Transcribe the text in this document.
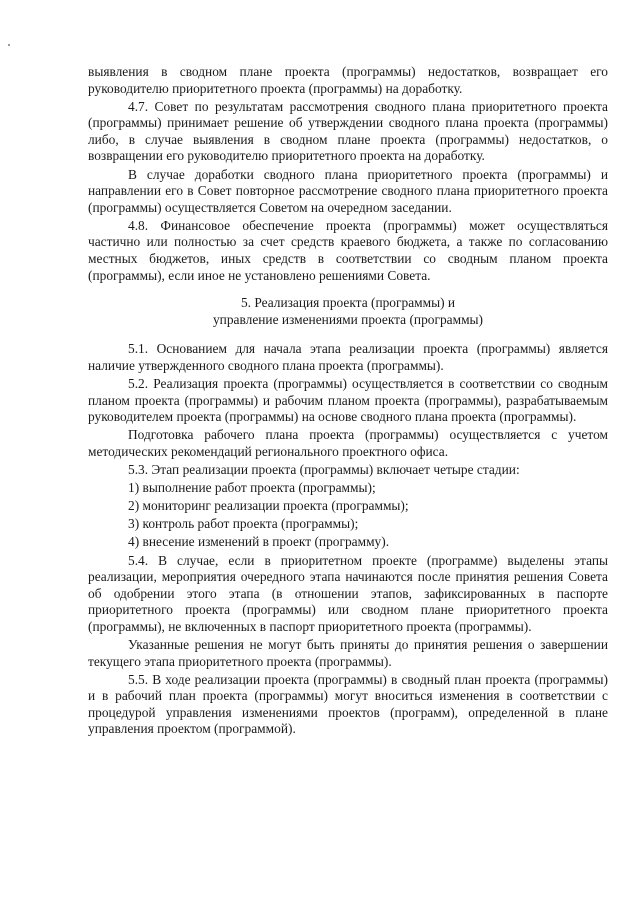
выявления в сводном плане проекта (программы) недостатков, возвращает его руководителю приоритетного проекта (программы) на доработку.

4.7. Совет по результатам рассмотрения сводного плана приоритетного проекта (программы) принимает решение об утверждении сводного плана проекта (программы) либо, в случае выявления в сводном плане проекта (программы) недостатков, о возвращении его руководителю приоритетного проекта на доработку.

В случае доработки сводного плана приоритетного проекта (программы) и направлении его в Совет повторное рассмотрение сводного плана приоритетного проекта (программы) осуществляется Советом на очередном заседании.

4.8. Финансовое обеспечение проекта (программы) может осуществляться частично или полностью за счет средств краевого бюджета, а также по согласованию местных бюджетов, иных средств в соответствии со сводным планом проекта (программы), если иное не установлено решениями Совета.

5. Реализация проекта (программы) и
управление изменениями проекта (программы)

5.1. Основанием для начала этапа реализации проекта (программы) является наличие утвержденного сводного плана проекта (программы).

5.2. Реализация проекта (программы) осуществляется в соответствии со сводным планом проекта (программы) и рабочим планом проекта (программы), разрабатываемым руководителем проекта (программы) на основе сводного плана проекта (программы).

Подготовка рабочего плана проекта (программы) осуществляется с учетом методических рекомендаций регионального проектного офиса.

5.3. Этап реализации проекта (программы) включает четыре стадии:

1) выполнение работ проекта (программы);

2) мониторинг реализации проекта (программы);

3) контроль работ проекта (программы);

4) внесение изменений в проект (программу).

5.4. В случае, если в приоритетном проекте (программе) выделены этапы реализации, мероприятия очередного этапа начинаются после принятия решения Совета об одобрении этого этапа (в отношении этапов, зафиксированных в паспорте приоритетного проекта (программы) или сводном плане приоритетного проекта (программы), не включенных в паспорт приоритетного проекта (программы).

Указанные решения не могут быть приняты до принятия решения о завершении текущего этапа приоритетного проекта (программы).

5.5. В ходе реализации проекта (программы) в сводный план проекта (программы) и в рабочий план проекта (программы) могут вноситься изменения в соответствии с процедурой управления изменениями проектов (программ), определенной в плане управления проектом (программой).
